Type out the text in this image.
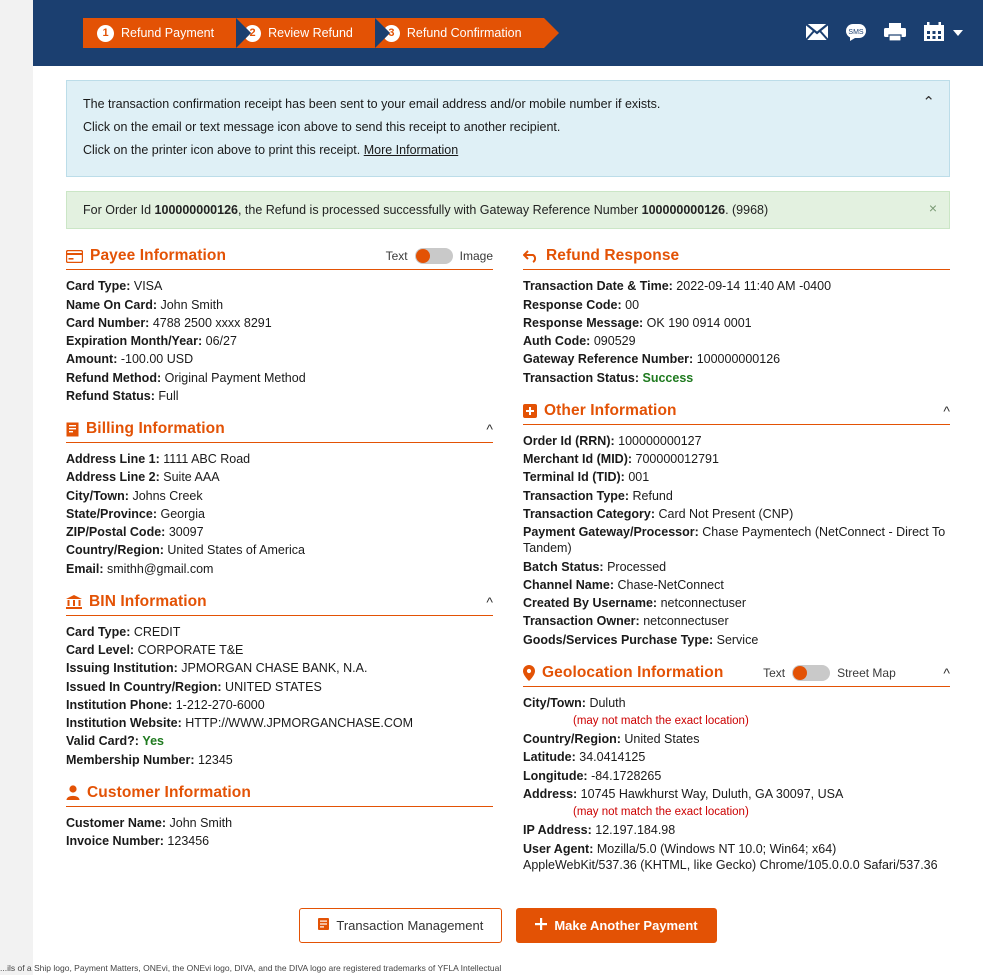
1 Refund Payment	2 Review Refund	3 Refund Confirmation	SMS
The transaction confirmation receipt has been sent to your email address and/or mobile number if exists.
Click on the email or text message icon above to send this receipt to another recipient.
Click on the printer icon above to print this receipt. More Information
⌃
For Order Id 100000000126, the Refund is processed successfully with Gateway Reference Number 100000000126. (9968)	×
Payee Information	Text	Image
Card Type: VISA
Name On Card: John Smith
Card Number: 4788 2500 xxxx 8291
Expiration Month/Year: 06/27
Amount: -100.00 USD
Refund Method: Original Payment Method
Refund Status: Full
Billing Information	^
Address Line 1: 1111 ABC Road
Address Line 2: Suite AAA
City/Town: Johns Creek
State/Province: Georgia
ZIP/Postal Code: 30097
Country/Region: United States of America
Email: smithh@gmail.com
BIN Information	^
Card Type: CREDIT
Card Level: CORPORATE T&E
Issuing Institution: JPMORGAN CHASE BANK, N.A.
Issued In Country/Region: UNITED STATES
Institution Phone: 1-212-270-6000
Institution Website: HTTP://WWW.JPMORGANCHASE.COM
Valid Card?: Yes
Membership Number: 12345
Customer Information
Customer Name: John Smith
Invoice Number: 123456
Refund Response
Transaction Date & Time: 2022-09-14 11:40 AM -0400
Response Code: 00
Response Message: OK 190 0914 0001
Auth Code: 090529
Gateway Reference Number: 100000000126
Transaction Status: Success
Other Information	^
Order Id (RRN): 100000000127
Merchant Id (MID): 700000012791
Terminal Id (TID): 001
Transaction Type: Refund
Transaction Category: Card Not Present (CNP)
Payment Gateway/Processor: Chase Paymentech (NetConnect - Direct To Tandem)
Batch Status: Processed
Channel Name: Chase-NetConnect
Created By Username: netconnectuser
Transaction Owner: netconnectuser
Goods/Services Purchase Type: Service
Geolocation Information	Text	Street Map	^
City/Town: Duluth
(may not match the exact location)
Country/Region: United States
Latitude: 34.0414125
Longitude: -84.1728265
Address: 10745 Hawkhurst Way, Duluth, GA 30097, USA
(may not match the exact location)
IP Address: 12.197.184.98
User Agent: Mozilla/5.0 (Windows NT 10.0; Win64; x64) AppleWebKit/537.36 (KHTML, like Gecko) Chrome/105.0.0.0 Safari/537.36
Transaction Management	Make Another Payment
...ils of a Ship logo, Payment Matters, ONEvi, the ONEvi logo, DIVA, and the DIVA logo are registered trademarks of YFLA Intellectual
